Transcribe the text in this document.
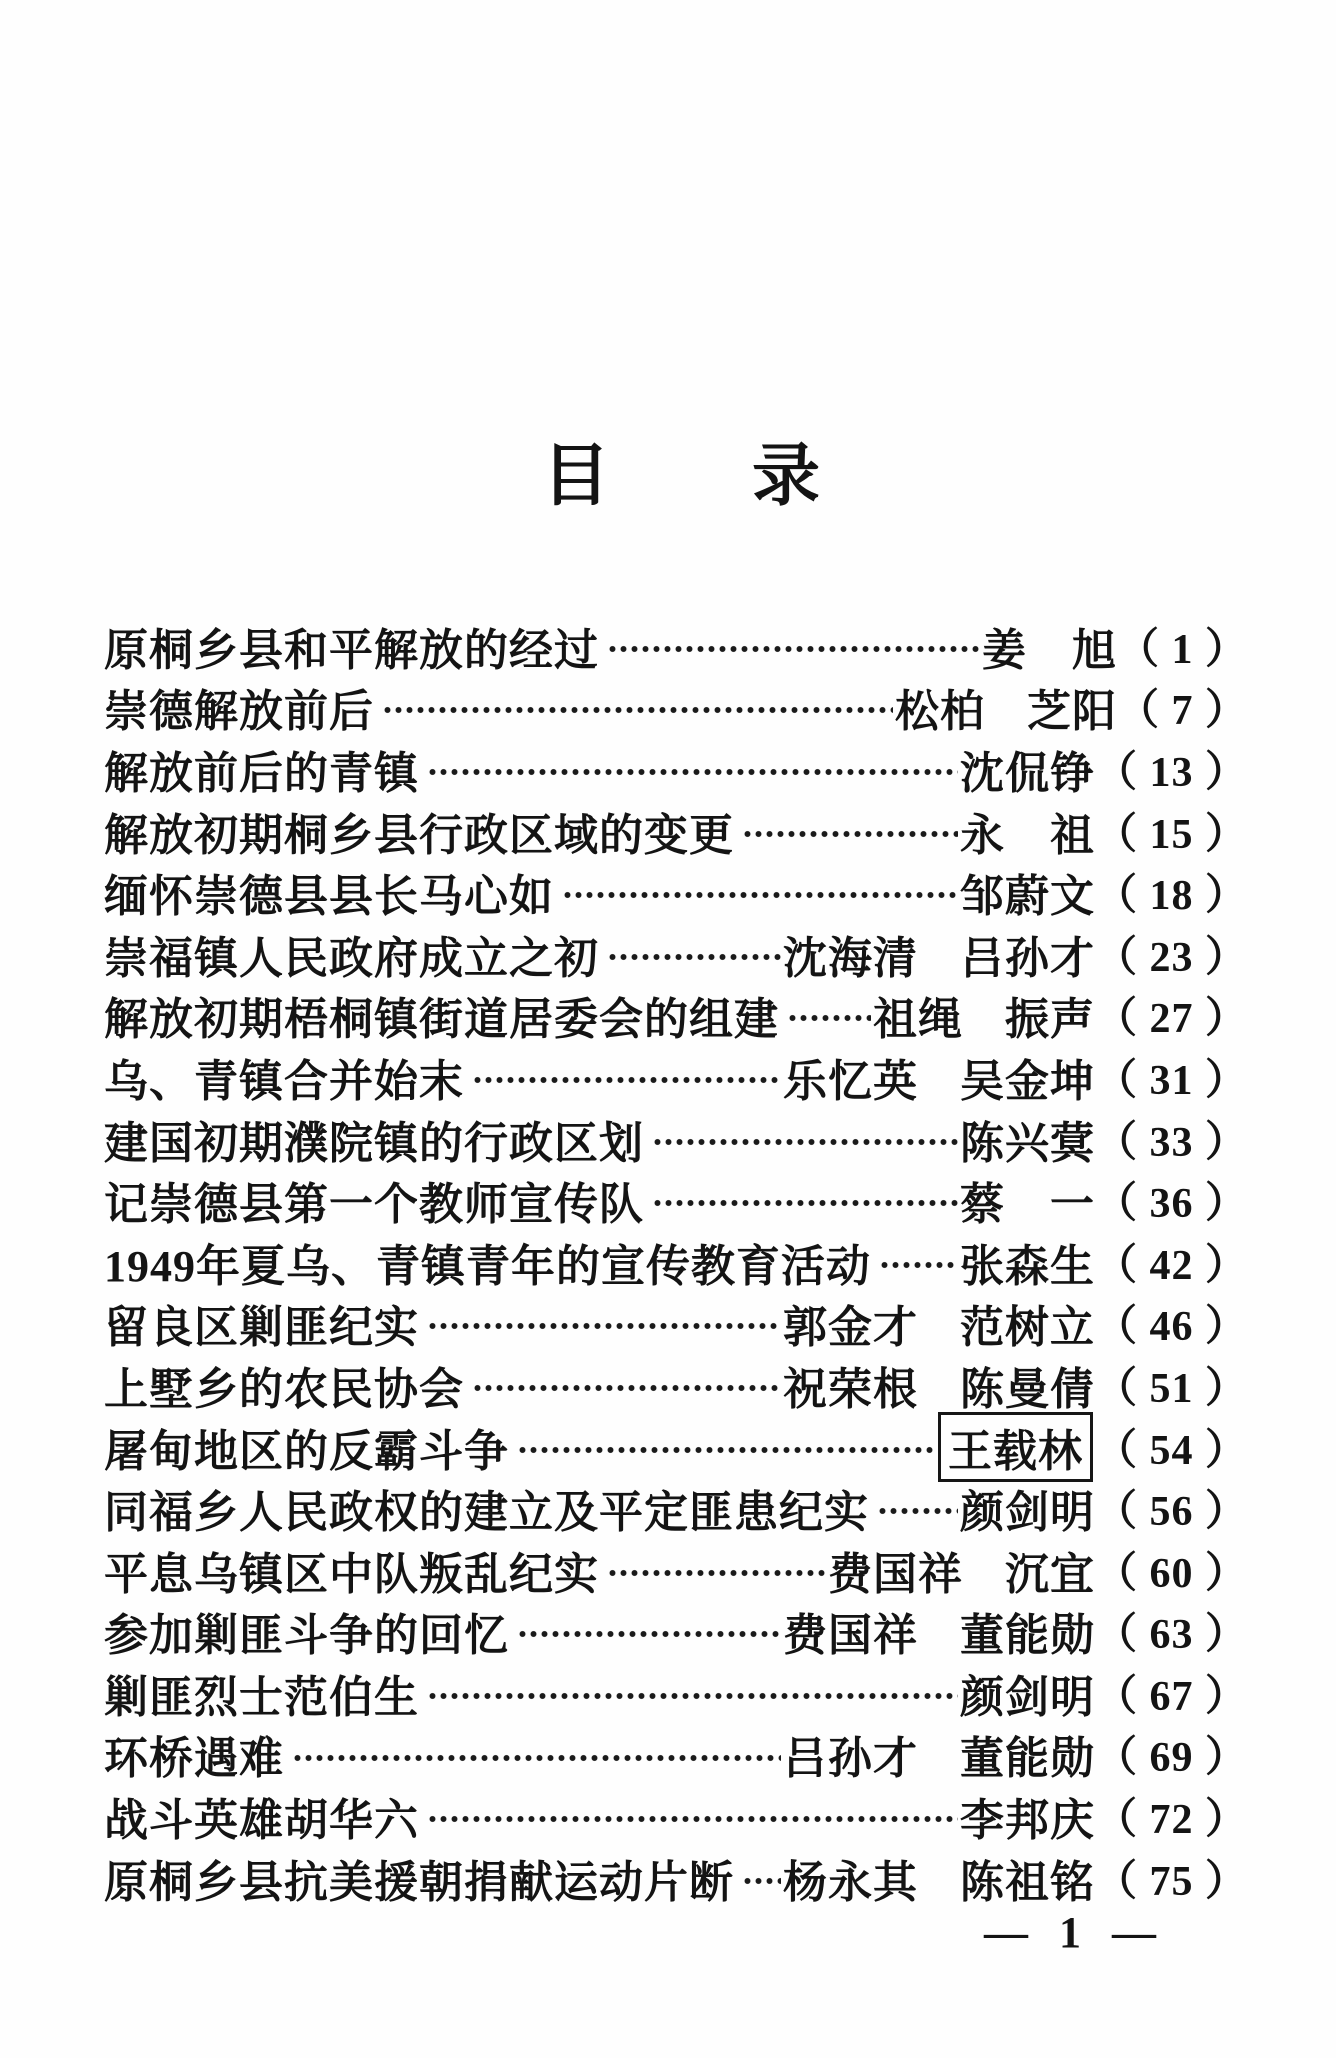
目　　录
原桐乡县和平解放的经过	姜　旭 （ 1 ）
崇德解放前后	松柏 芝阳 （ 7 ）
解放前后的青镇	沈侃铮 （ 13 ）
解放初期桐乡县行政区域的变更	永　祖 （ 15 ）
缅怀崇德县县长马心如	邹蔚文 （ 18 ）
崇福镇人民政府成立之初	沈海清 吕孙才 （ 23 ）
解放初期梧桐镇街道居委会的组建 祖绳 振声 （ 27 ）
乌、青镇合并始末	乐忆英 吴金坤 （ 31 ）
建国初期濮院镇的行政区划	陈兴蓂 （ 33 ）
记崇德县第一个教师宣传队	蔡　一 （ 36 ）
1949年夏乌、青镇青年的宣传教育活动 张森生 （ 42 ）
留良区剿匪纪实	郭金才 范树立 （ 46 ）
上墅乡的农民协会	祝荣根 陈曼倩 （ 51 ）
屠甸地区的反霸斗争	王载林 （ 54 ）
同福乡人民政权的建立及平定匪患纪实 颜剑明 （ 56 ）
平息乌镇区中队叛乱纪实	费国祥 沉宜 （ 60 ）
参加剿匪斗争的回忆	费国祥 董能勋 （ 63 ）
剿匪烈士范伯生	颜剑明 （ 67 ）
环桥遇难	吕孙才 董能勋 （ 69 ）
战斗英雄胡华六	李邦庆 （ 72 ）
原桐乡县抗美援朝捐献运动片断 杨永其 陈祖铭 （ 75 ）
— 1 —
